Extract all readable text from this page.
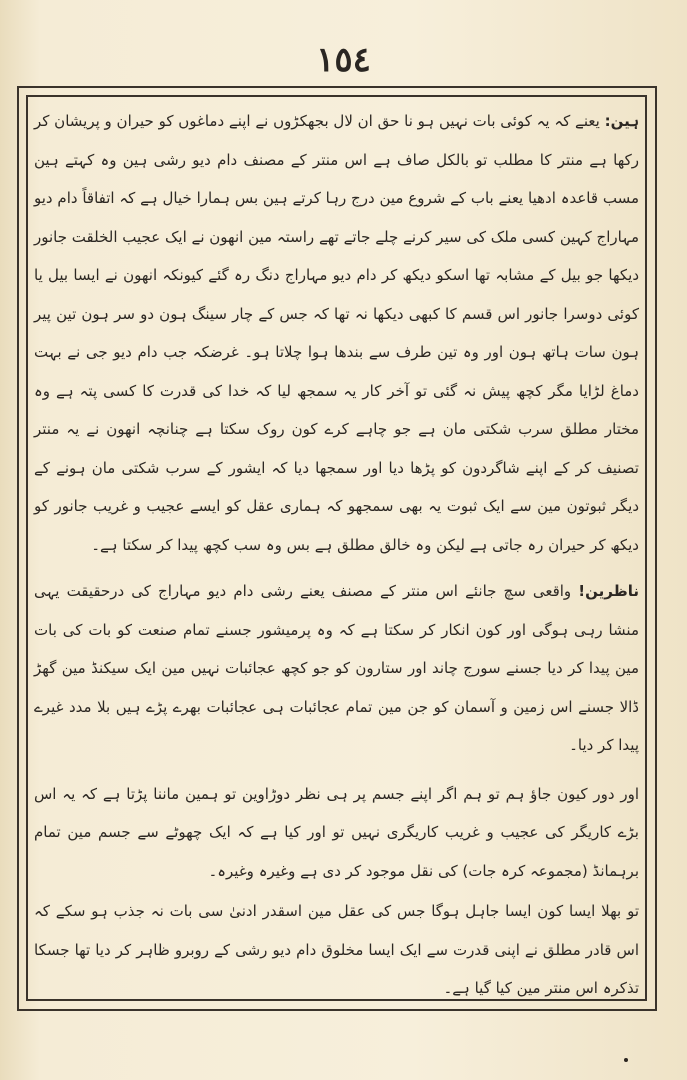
١٥٤

ہین: یعنے کہ یہ کوئی بات نہیں ہو نا حق ان لال بجھکڑوں نے اپنے دماغوں کو حیران و پریشان کر رکھا ہے منتر کا مطلب تو بالکل صاف ہے اس منتر کے مصنف دام دیو رشی ہین وہ کہتے ہین مسب قاعدہ ادھیا یعنے باب کے شروع مین درج رہا کرتے ہین بس ہمارا خیال ہے کہ اتفاقاً دام دیو مہاراج کہین کسی ملک کی سیر کرنے چلے جاتے تھے راستہ مین انھون نے ایک عجیب الخلقت جانور دیکھا جو بیل کے مشابہ تھا اسکو دیکھ کر دام دیو مہاراج دنگ رہ گئے کیونکہ انھون نے ایسا بیل یا کوئی دوسرا جانور اس قسم کا کبھی دیکھا نہ تھا کہ جس کے چار سینگ ہون دو سر ہون تین پیر ہون سات ہاتھ ہون اور وہ تین طرف سے بندھا ہوا چلاتا ہو۔ غرضکہ جب دام دیو جی نے بہت دماغ لڑایا مگر کچھ پیش نہ گئی تو آخر کار یہ سمجھ لیا کہ خدا کی قدرت کا کسی پتہ ہے وہ مختار مطلق سرب شکتی مان ہے جو چاہے کرے کون روک سکتا ہے چنانچہ انھون نے یہ منتر تصنیف کر کے اپنے شاگردون کو پڑھا دیا اور سمجھا دیا کہ ایشور کے سرب شکتی مان ہونے کے دیگر ثبوتون مین سے ایک ثبوت یہ بھی سمجھو کہ ہماری عقل کو ایسے عجیب و غریب جانور کو دیکھ کر حیران رہ جاتی ہے لیکن وہ خالق مطلق ہے بس وہ سب کچھ پیدا کر سکتا ہے۔

ناظرین! واقعی سچ جانئے اس منتر کے مصنف یعنے رشی دام دیو مہاراج کی درحقیقت یہی منشا رہی ہوگی اور کون انکار کر سکتا ہے کہ وہ پرمیشور جسنے تمام صنعت کو بات کی بات مین پیدا کر دیا جسنے سورج چاند اور ستارون کو جو کچھ عجائبات نہیں مین ایک سیکنڈ مین گھڑ ڈالا جسنے اس زمین و آسمان کو جن مین تمام عجائبات ہی عجائبات بھرے پڑے ہیں بلا مدد غیرے پیدا کر دیا۔

اور دور کیون جاؤ ہم تو ہم اگر اپنے جسم پر ہی نظر دوڑاوین تو ہمین ماننا پڑتا ہے کہ یہ اس بڑے کاریگر کی عجیب و غریب کاریگری نہیں تو اور کیا ہے کہ ایک چھوٹے سے جسم مین تمام برہمانڈ (مجموعہ کرہ جات) کی نقل موجود کر دی ہے وغیرہ وغیرہ۔

تو بھلا ایسا کون ایسا جاہل ہوگا جس کی عقل مین اسقدر ادنیٰ سی بات نہ جذب ہو سکے کہ اس قادر مطلق نے اپنی قدرت سے ایک ایسا مخلوق دام دیو رشی کے روبرو ظاہر کر دیا تھا جسکا تذکرہ اس منتر مین کیا گیا ہے۔
